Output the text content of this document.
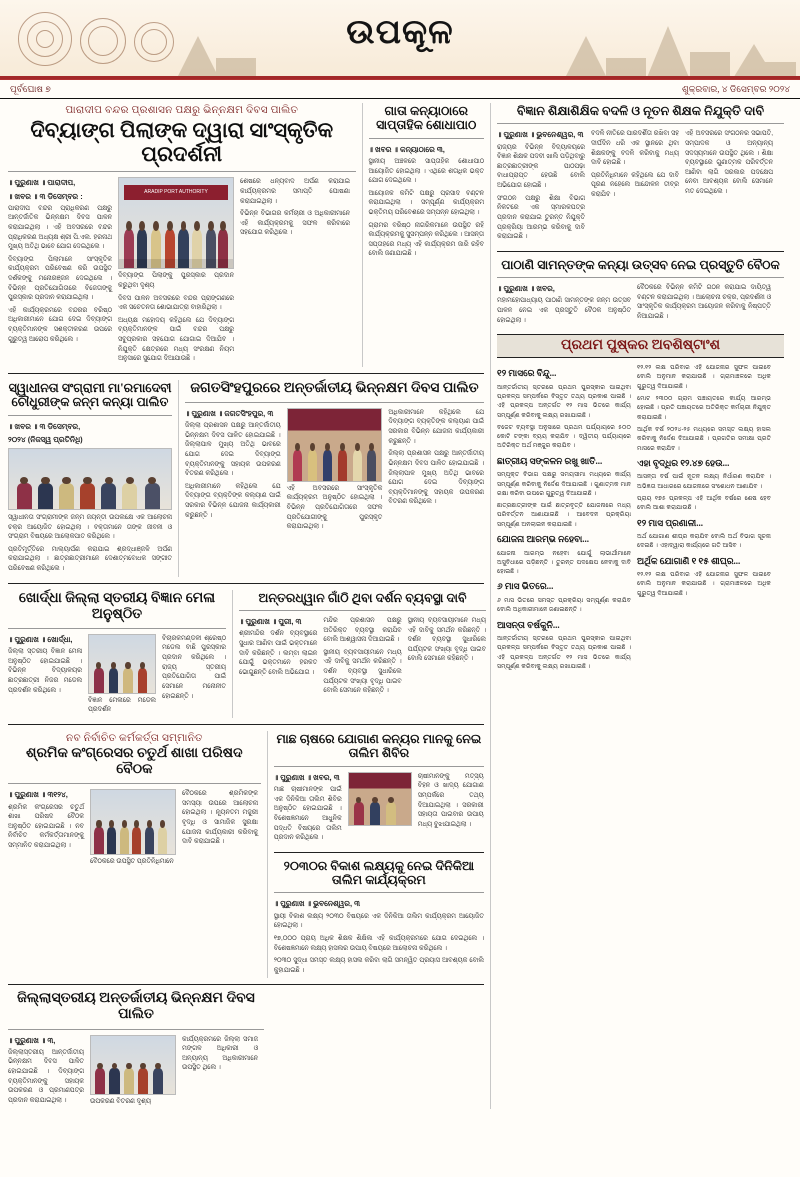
ଉପକୂଳ
ପୂର୍ବଘୋଷ ୭	ଶୁକ୍ରବାର, ୪ ଡିସେମ୍ବର ୨୦୨୪
ପାରାଦୀପ ବନ୍ଦର ପ୍ରଶାସନ ପକ୍ଷରୁ ଭିନ୍ନକ୍ଷମ ଦିବସ ପାଲିତ
ଦିବ୍ୟାଙ୍ଗ ପିଲାଙ୍କ ଦ୍ୱାରା ସାଂସ୍କୃତିକ ପ୍ରଦର୍ଶନୀ
॥ ପୁରୁଣାଖ ॥ ପାରାଦୀପ,
॥ ଖବର ॥ ୩ ଡିସେମ୍ବର :

ପାରାଦୀପ ବନ୍ଦର ପ୍ରାଧିକରଣ ପକ୍ଷରୁ ଆନ୍ତର୍ଜାତିକ ଭିନ୍ନକ୍ଷମ ଦିବସ ପାଳନ କରାଯାଇଥିଲା । ଏହି ଅବସରରେ ବନ୍ଦର ପ୍ରାଧିକରଣ ଅଧ୍ୟକ୍ଷ ଶ୍ରୀ ପି.ଏଲ. ହରନାଥ ମୁଖ୍ୟ ଅତିଥି ଭାବେ ଯୋଗ ଦେଇଥିଲେ ।

ଦିବ୍ୟାଙ୍ଗ ପିଲାମାନେ ସାଂସ୍କୃତିକ କାର୍ଯ୍ୟକ୍ରମ ପରିବେଷଣ କରି ଉପସ୍ଥିତ ଦର୍ଶକଙ୍କୁ ମନୋରଞ୍ଜନ ଦେଇଥିଲେ । ବିଭିନ୍ନ ପ୍ରତିଯୋଗିତାରେ ବିଜେତାଙ୍କୁ ପୁରସ୍କାର ପ୍ରଦାନ କରାଯାଇଥିଲା ।

ଏହି କାର୍ଯ୍ୟକ୍ରମରେ ବନ୍ଦରର ବରିଷ୍ଠ ଅଧିକାରୀମାନେ ଯୋଗ ଦେଇ ଦିବ୍ୟାଙ୍ଗ ବ୍ୟକ୍ତିମାନଙ୍କ ସଶକ୍ତୀକରଣ ଉପରେ ଗୁରୁତ୍ୱ ଆରୋପ କରିଥିଲେ ।

ARADIP PORT AUTHORITY

ଦିବ୍ୟାଙ୍ଗ ପିଲାଙ୍କୁ ପୁରସ୍କାର ପ୍ରଦାନ କରୁଥିବା ଦୃଶ୍ୟ

ଦିବସ ପାଳନ ଅବସରରେ ବନ୍ଦର ପ୍ରାଙ୍ଗଣରେ ଏକ ସଚେତନତା ଶୋଭାଯାତ୍ରା ବାହାରିଥିଲା ।

ଅଧ୍ୟକ୍ଷ ମହୋଦୟ କହିଥିଲେ ଯେ ଦିବ୍ୟାଙ୍ଗ ବ୍ୟକ୍ତିମାନଙ୍କ ପାଇଁ ବନ୍ଦର ପକ୍ଷରୁ ସବୁପ୍ରକାର ସହଯୋଗ ଯୋଗାଇ ଦିଆଯିବ । ନିଯୁକ୍ତି କ୍ଷେତ୍ରରେ ମଧ୍ୟ ସଂରକ୍ଷଣ ନିୟମ ଅନୁସାରେ ସୁଯୋଗ ଦିଆଯାଉଛି ।

ଶେଷରେ ଧନ୍ୟବାଦ ଅର୍ପଣ କରାଯାଇ କାର୍ଯ୍ୟକ୍ରମର ସମାପ୍ତି ଘୋଷଣା କରାଯାଇଥିଲା ।

ବିଭିନ୍ନ ବିଭାଗର କର୍ମଚାରୀ ଓ ଅଧିକାରୀମାନେ ଏହି କାର୍ଯ୍ୟକ୍ରମକୁ ସଫଳ କରିବାରେ ସହଯୋଗ କରିଥିଲେ ।

ଗାତା କନ୍ୟାଠାରେ ସାପ୍ତାହିକ ଶୋଧାପାଠ
॥ ଖବର ॥ କନ୍ୟାଠାରେ ୩,

ସ୍ଥାନୀୟ ଅଞ୍ଚଳରେ ସାପ୍ତାହିକ ଶୋଧାପାଠ ଆୟୋଜିତ ହୋଇଥିଲା । ଏଥିରେ ଶତାଧିକ ଭକ୍ତ ଯୋଗ ଦେଇଥିଲେ ।

ଆୟୋଜକ କମିଟି ପକ୍ଷରୁ ପ୍ରସାଦ ବଣ୍ଟନ କରାଯାଇଥିଲା । ସମ୍ପୂର୍ଣ୍ଣ କାର୍ଯ୍ୟକ୍ରମ ଭକ୍ତିମୟ ପରିବେଶରେ ସମ୍ପନ୍ନ ହୋଇଥିଲା ।

ଗ୍ରାମର ବରିଷ୍ଠ ନାଗରିକମାନେ ଉପସ୍ଥିତ ରହି କାର୍ଯ୍ୟକ୍ରମକୁ ସୁସମ୍ପନ୍ନ କରିଥିଲେ । ଆସନ୍ତା ସପ୍ତାହରେ ମଧ୍ୟ ଏହି କାର୍ଯ୍ୟକ୍ରମ ଜାରି ରହିବ ବୋଲି ଜଣାଯାଇଛି ।

ସ୍ୱାଧୀନତା ସଂଗ୍ରାମୀ ମା'ରମାଦେବୀ ଚୌଧୁରୀଙ୍କ ଜନ୍ମ କନ୍ୟା ପାଲିତ
॥ ଖବର ॥ ୩ ଡିସେମ୍ବର,
୨୦୨୪ (ନିଜସ୍ୱ ପ୍ରତିନିଧି)

ସ୍ୱାଧୀନତା ସଂଗ୍ରାମୀଙ୍କ ଜନ୍ମ ଜୟନ୍ତୀ ଉପଲକ୍ଷେ ଏକ ଆଲୋଚନା ଚକ୍ର ଆୟୋଜିତ ହୋଇଥିଲା । ବକ୍ତାମାନେ ତାଙ୍କ ଜୀବନୀ ଓ ସଂଗ୍ରାମ ବିଷୟରେ ଆଲୋକପାତ କରିଥିଲେ ।

ପ୍ରତିମୂର୍ତ୍ତିରେ ମାଲ୍ୟାର୍ପଣ କରାଯାଇ ଶ୍ରଦ୍ଧାଞ୍ଜଳି ଅର୍ପଣ କରାଯାଇଥିଲା । ଛାତ୍ରଛାତ୍ରୀମାନେ ଦେଶାତ୍ମବୋଧକ ସଙ୍ଗୀତ ପରିବେଷଣ କରିଥିଲେ ।

ଜଗତସିଂହପୁରରେ ଅନ୍ତର୍ଜାତୀୟ ଭିନ୍ନକ୍ଷମ ଦିବସ ପାଲିତ
॥ ପୁରୁଣାଖ ॥ ଜଗତସିଂହପୁର, ୩

ଜିଲ୍ଲା ପ୍ରଶାସନ ପକ୍ଷରୁ ଆନ୍ତର୍ଜାତୀୟ ଭିନ୍ନକ୍ଷମ ଦିବସ ପାଳିତ ହୋଇଯାଇଛି । ଜିଲ୍ଲାପାଳ ମୁଖ୍ୟ ଅତିଥି ଭାବରେ ଯୋଗ ଦେଇ ଦିବ୍ୟାଙ୍ଗ ବ୍ୟକ୍ତିମାନଙ୍କୁ ସହାୟକ ଉପକରଣ ବିତରଣ କରିଥିଲେ ।

ଅଧିକାରୀମାନେ କହିଥିଲେ ଯେ ଦିବ୍ୟାଙ୍ଗ ବ୍ୟକ୍ତିଙ୍କ କଲ୍ୟାଣ ପାଇଁ ସରକାର ବିଭିନ୍ନ ଯୋଜନା କାର୍ଯ୍ୟକାରୀ କରୁଛନ୍ତି ।

ଏହି ଅବସରରେ ସାଂସ୍କୃତିକ କାର୍ଯ୍ୟକ୍ରମ ଅନୁଷ୍ଠିତ ହୋଇଥିଲା । ବିଭିନ୍ନ ପ୍ରତିଯୋଗିତାରେ ସଫଳ ପ୍ରତିଯୋଗୀଙ୍କୁ ପୁରସ୍କୃତ କରାଯାଇଥିଲା ।

ଅଧିକାରୀମାନେ କହିଥିଲେ ଯେ ଦିବ୍ୟାଙ୍ଗ ବ୍ୟକ୍ତିଙ୍କ କଲ୍ୟାଣ ପାଇଁ ସରକାର ବିଭିନ୍ନ ଯୋଜନା କାର୍ଯ୍ୟକାରୀ କରୁଛନ୍ତି ।

ଜିଲ୍ଲା ପ୍ରଶାସନ ପକ୍ଷରୁ ଆନ୍ତର୍ଜାତୀୟ ଭିନ୍ନକ୍ଷମ ଦିବସ ପାଳିତ ହୋଇଯାଇଛି । ଜିଲ୍ଲାପାଳ ମୁଖ୍ୟ ଅତିଥି ଭାବରେ ଯୋଗ ଦେଇ ଦିବ୍ୟାଙ୍ଗ ବ୍ୟକ୍ତିମାନଙ୍କୁ ସହାୟକ ଉପକରଣ ବିତରଣ କରିଥିଲେ ।

ଖୋର୍ଦ୍ଧା ଜିଲ୍ଲା ସ୍ତରୀୟ ବିଜ୍ଞାନ ମେଳା ଅନୁଷ୍ଠିତ
॥ ପୁରୁଣାଖ ॥ ଖୋର୍ଦ୍ଧା,

ଜିଲ୍ଲା ସ୍ତରୀୟ ବିଜ୍ଞାନ ମେଳା ଅନୁଷ୍ଠିତ ହୋଇଯାଇଛି । ବିଭିନ୍ନ ବିଦ୍ୟାଳୟର ଛାତ୍ରଛାତ୍ରୀ ନିଜର ମଡେଲ ପ୍ରଦର୍ଶନ କରିଥିଲେ ।

ବିଜ୍ଞାନ ମେଳାରେ ମଡେଲ ପ୍ରଦର୍ଶନ

ବିଚାରକମଣ୍ଡଳୀ ଶ୍ରେଷ୍ଠ ମଡେଲ ବାଛି ପୁରସ୍କାର ପ୍ରଦାନ କରିଥିଲେ । ରାଜ୍ୟ ସ୍ତରୀୟ ପ୍ରତିଯୋଗିତା ପାଇଁ ସେମାନେ ମନୋନୀତ ହୋଇଛନ୍ତି ।

ଅନ୍ତରଧ୍ୱାନ ଗାଁଠି ଥିବା ଦର୍ଶନ ବ୍ୟବସ୍ଥା ଦାବି
॥ ପୁରୁଣାଖ ॥ ପୁରୀ, ୩

ଶ୍ରୀମନ୍ଦିର ଦର୍ଶନ ବ୍ୟବସ୍ଥାରେ ସୁଧାର ଆଣିବା ପାଇଁ ଭକ୍ତମାନେ ଦାବି କରିଛନ୍ତି । ଲମ୍ବା ଲାଇନ ଯୋଗୁଁ ଭକ୍ତମାନେ ହରକତ ଭୋଗୁଛନ୍ତି ବୋଲି ଅଭିଯୋଗ ।

ମନ୍ଦିର ପ୍ରଶାସନ ପକ୍ଷରୁ ଅତିରିକ୍ତ ବ୍ୟବସ୍ଥା କରାଯିବ ବୋଲି ଆଶ୍ୱାସନା ଦିଆଯାଇଛି ।

ସ୍ଥାନୀୟ ବ୍ୟବସାୟୀମାନେ ମଧ୍ୟ ଏହି ଦାବିକୁ ସମର୍ଥନ କରିଛନ୍ତି । ଦର୍ଶନ ବ୍ୟବସ୍ଥା ସୁଧାରିଲେ ପର୍ଯ୍ୟଟକ ସଂଖ୍ୟା ବୃଦ୍ଧି ପାଇବ ବୋଲି ସେମାନେ କହିଛନ୍ତି ।

ସ୍ଥାନୀୟ ବ୍ୟବସାୟୀମାନେ ମଧ୍ୟ ଏହି ଦାବିକୁ ସମର୍ଥନ କରିଛନ୍ତି । ଦର୍ଶନ ବ୍ୟବସ୍ଥା ସୁଧାରିଲେ ପର୍ଯ୍ୟଟକ ସଂଖ୍ୟା ବୃଦ୍ଧି ପାଇବ ବୋଲି ସେମାନେ କହିଛନ୍ତି ।

ନବ ନିର୍ବାଚିତ କର୍ମକର୍ତ୍ତା ସମ୍ମାନିତ
ଶ୍ରମିକ କଂଗ୍ରେସର ଚତୁର୍ଥ ଶାଖା ପରିଷଦ ବୈଠକ
॥ ପୁରୁଣାଖ ॥ ୩୧୨୪,

ଶ୍ରମିକ କଂଗ୍ରେସର ଚତୁର୍ଥ ଶାଖା ପରିଷଦ ବୈଠକ ଅନୁଷ୍ଠିତ ହୋଇଯାଇଛି । ନବ ନିର୍ବାଚିତ କର୍ମକର୍ତ୍ତାମାନଙ୍କୁ ସମ୍ମାନିତ କରାଯାଇଥିଲା ।

ବୈଠକରେ ଉପସ୍ଥିତ ପ୍ରତିନିଧିମାନେ

ବୈଠକରେ ଶ୍ରମିକଙ୍କ ସମସ୍ୟା ଉପରେ ଆଲୋଚନା ହୋଇଥିଲା । ନ୍ୟୂନତମ ମଜୁରୀ ବୃଦ୍ଧି ଓ ସାମାଜିକ ସୁରକ୍ଷା ଯୋଜନା କାର୍ଯ୍ୟକାରୀ କରିବାକୁ ଦାବି କରାଯାଇଛି ।

ମାଛ ଚାଷରେ ଯୋଗାଣ କନ୍ୟର ମାନକୁ ନେଇ ତାଲିମ ଶିବିର
॥ ପୁରୁଣାଖ ॥ ଖବର, ୩

ମାଛ ଚାଷୀମାନଙ୍କ ପାଇଁ ଏକ ଦିନିକିଆ ତାଲିମ ଶିବିର ଅନୁଷ୍ଠିତ ହୋଇଯାଇଛି । ବିଶେଷଜ୍ଞମାନେ ଆଧୁନିକ ପଦ୍ଧତି ବିଷୟରେ ତାଲିମ ପ୍ରଦାନ କରିଥିଲେ ।

ଚାଷୀମାନଙ୍କୁ ମତ୍ସ୍ୟ ବିହନ ଓ ଖାଦ୍ୟ ଯୋଗାଣ ସମ୍ପର୍କରେ ତଥ୍ୟ ଦିଆଯାଇଥିଲା । ସରକାରୀ ସହାୟତା ପାଇବାର ଉପାୟ ମଧ୍ୟ ବୁଝାଯାଇଥିଲା ।

୨୦୩୦ର ବିକାଶ ଲକ୍ଷ୍ୟକୁ ନେଇ ଦିନିକିଆ ତାଲିମ କାର୍ଯ୍ୟକ୍ରମ
॥ ପୁରୁଣାଖ ॥ ଭୁବନେଶ୍ୱର, ୩

ସ୍ଥାୟୀ ବିକାଶ ଲକ୍ଷ୍ୟ ୨୦୩୦ ବିଷୟରେ ଏକ ଦିନିକିଆ ତାଲିମ କାର୍ଯ୍ୟକ୍ରମ ଆୟୋଜିତ ହୋଇଥିଲା ।

୧୭,୦୦୦ ପ୍ରାୟ ଅଧିକ ଶିକ୍ଷକ ଶିକ୍ଷିକା ଏହି କାର୍ଯ୍ୟକ୍ରମରେ ଯୋଗ ଦେଇଥିଲେ । ବିଶେଷଜ୍ଞମାନେ ଲକ୍ଷ୍ୟ ହାସଲର ଉପାୟ ବିଷୟରେ ଆଲୋଚନା କରିଥିଲେ ।

୨୦୩୦ ସୁଦ୍ଧା ସମସ୍ତ ଲକ୍ଷ୍ୟ ହାସଲ କରିବା ଲାଗି ସମନ୍ୱିତ ପ୍ରୟାସ ଆବଶ୍ୟକ ବୋଲି କୁହାଯାଇଛି ।

ଜିଲ୍ଲାସ୍ତରୀୟ ଅନ୍ତର୍ଜାତୀୟ ଭିନ୍ନକ୍ଷମ ଦିବସ ପାଲିତ
॥ ପୁରୁଣାଖ ॥ ୩,

ଜିଲ୍ଲାସ୍ତରୀୟ ଆନ୍ତର୍ଜାତୀୟ ଭିନ୍ନକ୍ଷମ ଦିବସ ପାଳିତ ହୋଇଯାଇଛି । ଦିବ୍ୟାଙ୍ଗ ବ୍ୟକ୍ତିମାନଙ୍କୁ ସହାୟକ ଉପକରଣ ଓ ପ୍ରମାଣପତ୍ର ପ୍ରଦାନ କରାଯାଇଥିଲା ।	ଉପକରଣ ବିତରଣ ଦୃଶ୍ୟ

କାର୍ଯ୍ୟକ୍ରମରେ ଜିଲ୍ଲା ସମାଜ ମଙ୍ଗଳ ଅଧିକାରୀ ଓ ଅନ୍ୟାନ୍ୟ ଅଧିକାରୀମାନେ ଉପସ୍ଥିତ ଥିଲେ ।

ବିଜ୍ଞାନ ଶିକ୍ଷାଶିକ୍ଷିକ ବଦଳି ଓ ନୂତନ ଶିକ୍ଷକ ନିଯୁକ୍ତି ଦାବି
॥ ପୁରୁଣାଖ ॥ ଭୁବନେଶ୍ୱର, ୩

ରାଜ୍ୟର ବିଭିନ୍ନ ବିଦ୍ୟାଳୟରେ ବିଜ୍ଞାନ ଶିକ୍ଷକ ପଦବୀ ଖାଲି ପଡ଼ିଥିବାରୁ ଛାତ୍ରଛାତ୍ରୀଙ୍କ ପାଠପଢ଼ା ବାଧାପ୍ରାପ୍ତ ହେଉଛି ବୋଲି ଅଭିଯୋଗ ହୋଇଛି ।

ସଂଗଠନ ପକ୍ଷରୁ ଶିକ୍ଷା ବିଭାଗ ନିକଟରେ ଏକ ସ୍ମାରକପତ୍ର ପ୍ରଦାନ କରାଯାଇ ତୁରନ୍ତ ନିଯୁକ୍ତି ପ୍ରକ୍ରିୟା ଆରମ୍ଭ କରିବାକୁ ଦାବି କରାଯାଇଛି ।

ବଦଳି ନୀତିରେ ପାରଦର୍ଶିତା ରଖିବା ସହ ଦୀର୍ଘଦିନ ଧରି ଏକ ସ୍ଥାନରେ ଥିବା ଶିକ୍ଷକଙ୍କୁ ବଦଳି କରିବାକୁ ମଧ୍ୟ ଦାବି ହୋଇଛି ।

ପ୍ରତିନିଧିମାନେ କହିଥିଲେ ଯେ ଦାବି ପୂରଣ ନହେଲେ ଆନ୍ଦୋଳନ ତୀବ୍ର କରାଯିବ ।

ଏହି ଅବସରରେ ସଂଗଠନର ସଭାପତି, ସମ୍ପାଦକ ଓ ଅନ୍ୟାନ୍ୟ ସଦସ୍ୟମାନେ ଉପସ୍ଥିତ ଥିଲେ । ଶିକ୍ଷା ବ୍ୟବସ୍ଥାରେ ଗୁଣାତ୍ମକ ପରିବର୍ତ୍ତନ ଆଣିବା ଲାଗି ସରକାର ପଦକ୍ଷେପ ନେବା ଆବଶ୍ୟକ ବୋଲି ସେମାନେ ମତ ଦେଇଥିଲେ ।

ପାଠାଣି ସାମନ୍ତଙ୍କ କନ୍ୟା ଉତ୍ସବ ନେଇ ପ୍ରସ୍ତୁତି ବୈଠକ
॥ ପୁରୁଣାଖ ॥ ଖବର,

ମହାମହୋପାଧ୍ୟାୟ ପାଠାଣି ସାମନ୍ତଙ୍କ ଜନ୍ମ ଉତ୍ସବ ପାଳନ ନେଇ ଏକ ପ୍ରସ୍ତୁତି ବୈଠକ ଅନୁଷ୍ଠିତ ହୋଇଥିଲା ।

ବୈଠକରେ ବିଭିନ୍ନ କମିଟି ଗଠନ କରାଯାଇ ଦାୟିତ୍ୱ ବଣ୍ଟନ କରାଯାଇଥିଲା । ଆଲୋଚନା ଚକ୍ର, ପ୍ରଦର୍ଶନୀ ଓ ସାଂସ୍କୃତିକ କାର୍ଯ୍ୟକ୍ରମ ଆୟୋଜନ କରିବାକୁ ନିଷ୍ପତ୍ତି ନିଆଯାଇଛି ।

ପ୍ରଥମ ପୁଷ୍କର ଅବଶିଷ୍ଟାଂଶ
୧୨ ମାସରେ ବିନ୍ଦୁ...

ଆନ୍ତର୍ଜାତୀୟ ସ୍ତରରେ ପ୍ରଥମ ପୁରସ୍କାର ପାଇଥିବା ପ୍ରକଳ୍ପ ସମ୍ପର୍କରେ ବିସ୍ତୃତ ତଥ୍ୟ ପ୍ରକାଶ ପାଇଛି । ଏହି ପ୍ରକଳ୍ପ ଅନ୍ତର୍ଗତ ୧୨ ମାସ ଭିତରେ କାର୍ଯ୍ୟ ସମ୍ପୂର୍ଣ୍ଣ କରିବାକୁ ଲକ୍ଷ୍ୟ ରଖାଯାଇଛି ।

ବଜେଟ ବ୍ୟବସ୍ଥା ଅନୁସାରେ ପ୍ରଥମ ପର୍ଯ୍ୟାୟରେ ୫୦୦ କୋଟି ଟଙ୍କା ବ୍ୟୟ କରାଯିବ । ଦ୍ୱିତୀୟ ପର୍ଯ୍ୟାୟରେ ଅତିରିକ୍ତ ଅର୍ଥ ମଞ୍ଜୁର କରାଯିବ ।

ଛାତ୍ରୀୟ ସଙ୍କଳନ ରଖୁ ଖାତି...

ସମ୍ପୃକ୍ତ ବିଭାଗ ପକ୍ଷରୁ ସମୟସୀମା ମଧ୍ୟରେ କାର୍ଯ୍ୟ ସମ୍ପୂର୍ଣ୍ଣ କରିବାକୁ ନିର୍ଦ୍ଦେଶ ଦିଆଯାଇଛି । ଗୁଣାତ୍ମକ ମାନ ରକ୍ଷା କରିବା ଉପରେ ଗୁରୁତ୍ୱ ଦିଆଯାଇଛି ।

ଛାତ୍ରଛାତ୍ରୀଙ୍କ ପାଇଁ ଛାତ୍ରବୃତ୍ତି ଯୋଜନାରେ ମଧ୍ୟ ପରିବର୍ତ୍ତନ ଆଣାଯାଇଛି । ଆବେଦନ ପ୍ରକ୍ରିୟା ସମ୍ପୂର୍ଣ୍ଣ ଅନଲାଇନ କରାଯାଇଛି ।

ଯୋଜନା ଆରମ୍ଭ ନହେବା...

ଯୋଜନା ଆରମ୍ଭ ନହେବା ଯୋଗୁଁ ଲାଭାର୍ଥୀମାନେ ଅସୁବିଧାରେ ପଡ଼ିଛନ୍ତି । ତୁରନ୍ତ ପଦକ୍ଷେପ ନେବାକୁ ଦାବି ହୋଇଛି ।

୬ ମାସ ଭିତରେ...

୬ ମାସ ଭିତରେ ସମସ୍ତ ପ୍ରକ୍ରିୟା ସମ୍ପୂର୍ଣ୍ଣ କରାଯିବ ବୋଲି ଅଧିକାରୀମାନେ ଜଣାଇଛନ୍ତି ।

ଆସନ୍ତା ବର୍ଷକୁନି...

ଆନ୍ତର୍ଜାତୀୟ ସ୍ତରରେ ପ୍ରଥମ ପୁରସ୍କାର ପାଇଥିବା ପ୍ରକଳ୍ପ ସମ୍ପର୍କରେ ବିସ୍ତୃତ ତଥ୍ୟ ପ୍ରକାଶ ପାଇଛି । ଏହି ପ୍ରକଳ୍ପ ଅନ୍ତର୍ଗତ ୧୨ ମାସ ଭିତରେ କାର୍ଯ୍ୟ ସମ୍ପୂର୍ଣ୍ଣ କରିବାକୁ ଲକ୍ଷ୍ୟ ରଖାଯାଇଛି ।

୧୨.୧୨ ଲକ୍ଷ ପରିବାର ଏହି ଯୋଜନାର ସୁଫଳ ପାଇବେ ବୋଲି ଅନୁମାନ କରାଯାଉଛି । ଗ୍ରାମାଞ୍ଚଳରେ ଅଧିକ ଗୁରୁତ୍ୱ ଦିଆଯାଇଛି ।

ମୋଟ ୨୩୦୦ ଗ୍ରାମ ପଞ୍ଚାୟତରେ କାର୍ଯ୍ୟ ଆରମ୍ଭ ହୋଇଛି । ପ୍ରତି ପଞ୍ଚାୟତରେ ଅତିରିକ୍ତ କର୍ମଚାରୀ ନିଯୁକ୍ତ କରାଯାଇଛି ।

ଆର୍ଥିକ ବର୍ଷ ୨୦୨୪-୨୫ ମଧ୍ୟରେ ସମସ୍ତ ଲକ୍ଷ୍ୟ ହାସଲ କରିବାକୁ ନିର୍ଦ୍ଦେଶ ଦିଆଯାଇଛି । ପ୍ରଗତିର ସମୀକ୍ଷା ପ୍ରତି ମାସରେ କରାଯିବ ।

ଏହା ବୃଦ୍ଧିର ୧୨.୪୭ ହେଉ...

ଆସନ୍ତା ବର୍ଷ ପାଇଁ ନୂତନ ଲକ୍ଷ୍ୟ ନିର୍ଧାରଣ କରାଯିବ । ଅଭିଜ୍ଞତା ଆଧାରରେ ଯୋଜନାରେ ସଂଶୋଧନ ଆଣାଯିବ ।

ପ୍ରାୟ ୧୭୫ ପ୍ରକଳ୍ପ ଏହି ଆର୍ଥିକ ବର୍ଷରେ ଶେଷ ହେବ ବୋଲି ଆଶା କରାଯାଉଛି ।

୧୨ ମାସ ପ୍ରଣାଳୀ...

ଅର୍ଥ ଯୋଗାଣ ଶୀଘ୍ର କରାଯିବ ବୋଲି ଅର୍ଥ ବିଭାଗ ସୂଚନା ଦେଇଛି । ଏହାଦ୍ୱାରା କାର୍ଯ୍ୟରେ ଗତି ଆସିବ ।

ଅର୍ଥିକ ଯୋଗାଣି ୧ ୧୫ ଶୀଘ୍ର...

୧୨.୧୨ ଲକ୍ଷ ପରିବାର ଏହି ଯୋଜନାର ସୁଫଳ ପାଇବେ ବୋଲି ଅନୁମାନ କରାଯାଉଛି । ଗ୍ରାମାଞ୍ଚଳରେ ଅଧିକ ଗୁରୁତ୍ୱ ଦିଆଯାଇଛି ।
